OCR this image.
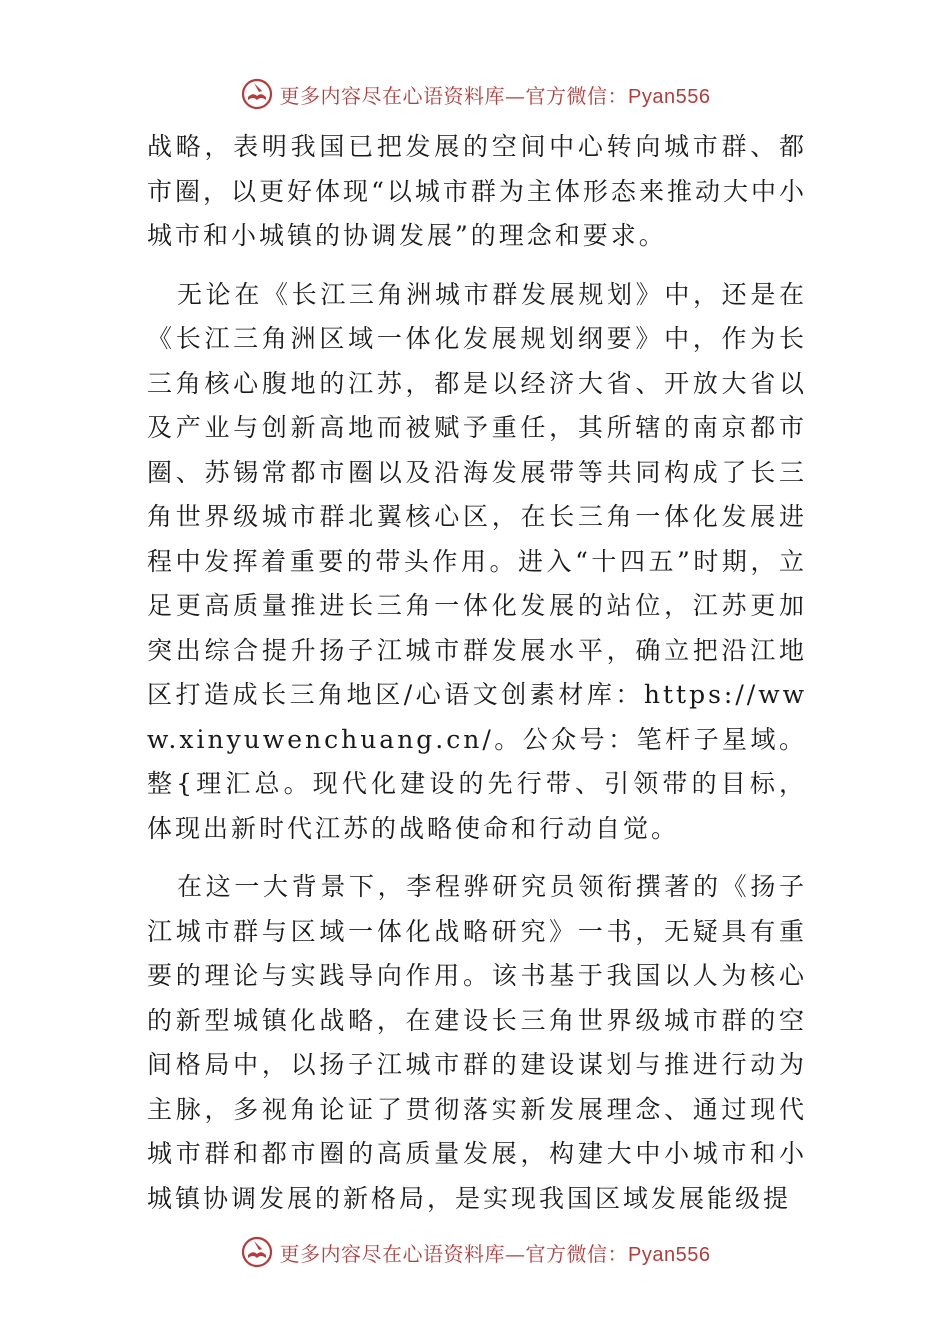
更多内容尽在心语资料库—官方微信：Pyan556

战略，表明我国已把发展的空间中心转向城市群、都市圈，以更好体现“以城市群为主体形态来推动大中小城市和小城镇的协调发展”的理念和要求。

无论在《长江三角洲城市群发展规划》中，还是在《长江三角洲区域一体化发展规划纲要》中，作为长三角核心腹地的江苏，都是以经济大省、开放大省以及产业与创新高地而被赋予重任，其所辖的南京都市圈、苏锡常都市圈以及沿海发展带等共同构成了长三角世界级城市群北翼核心区，在长三角一体化发展进程中发挥着重要的带头作用。进入“十四五”时期，立足更高质量推进长三角一体化发展的站位，江苏更加突出综合提升扬子江城市群发展水平，确立把沿江地区打造成长三角地区/心语文创素材库：https://www.xinyuwenchuang.cn/。公众号：笔杆子星域。整{理汇总。现代化建设的先行带、引领带的目标，体现出新时代江苏的战略使命和行动自觉。

在这一大背景下，李程骅研究员领衔撰著的《扬子江城市群与区域一体化战略研究》一书，无疑具有重要的理论与实践导向作用。该书基于我国以人为核心的新型城镇化战略，在建设长三角世界级城市群的空间格局中，以扬子江城市群的建设谋划与推进行动为主脉，多视角论证了贯彻落实新发展理念、通过现代城市群和都市圈的高质量发展，构建大中小城市和小城镇协调发展的新格局，是实现我国区域发展能级提

更多内容尽在心语资料库—官方微信：Pyan556
